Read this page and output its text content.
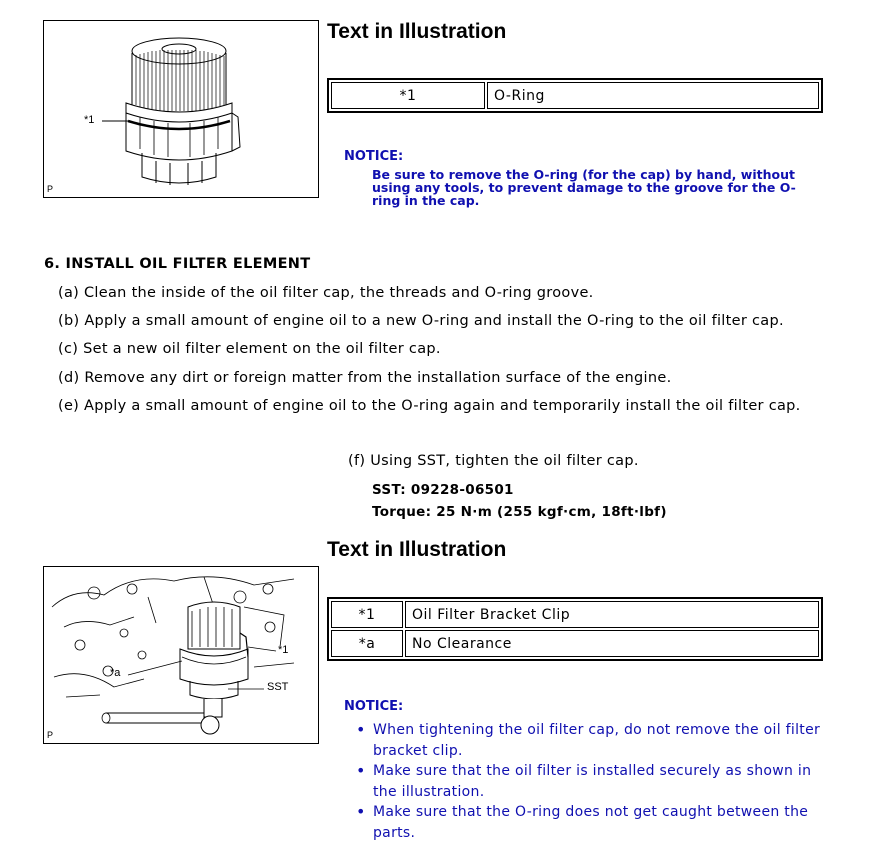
*1
P
Text in Illustration
*1	O-Ring
NOTICE:
Be sure to remove the O-ring (for the cap) by hand, without using any tools, to prevent damage to the groove for the O-ring in the cap.
6. INSTALL OIL FILTER ELEMENT
(a) Clean the inside of the oil filter cap, the threads and O-ring groove.
(b) Apply a small amount of engine oil to a new O-ring and install the O-ring to the oil filter cap.
(c) Set a new oil filter element on the oil filter cap.
(d) Remove any dirt or foreign matter from the installation surface of the engine.
(e) Apply a small amount of engine oil to the O-ring again and temporarily install the oil filter cap.
(f) Using SST, tighten the oil filter cap.
SST: 09228-06501
Torque: 25 N·m (255 kgf·cm, 18ft·lbf)
Text in Illustration
*1
*a
SST
P
*1	Oil Filter Bracket Clip
*a	No Clearance
NOTICE:
• When tightening the oil filter cap, do not remove the oil filter bracket clip.
• Make sure that the oil filter is installed securely as shown in the illustration.
• Make sure that the O-ring does not get caught between the parts.
